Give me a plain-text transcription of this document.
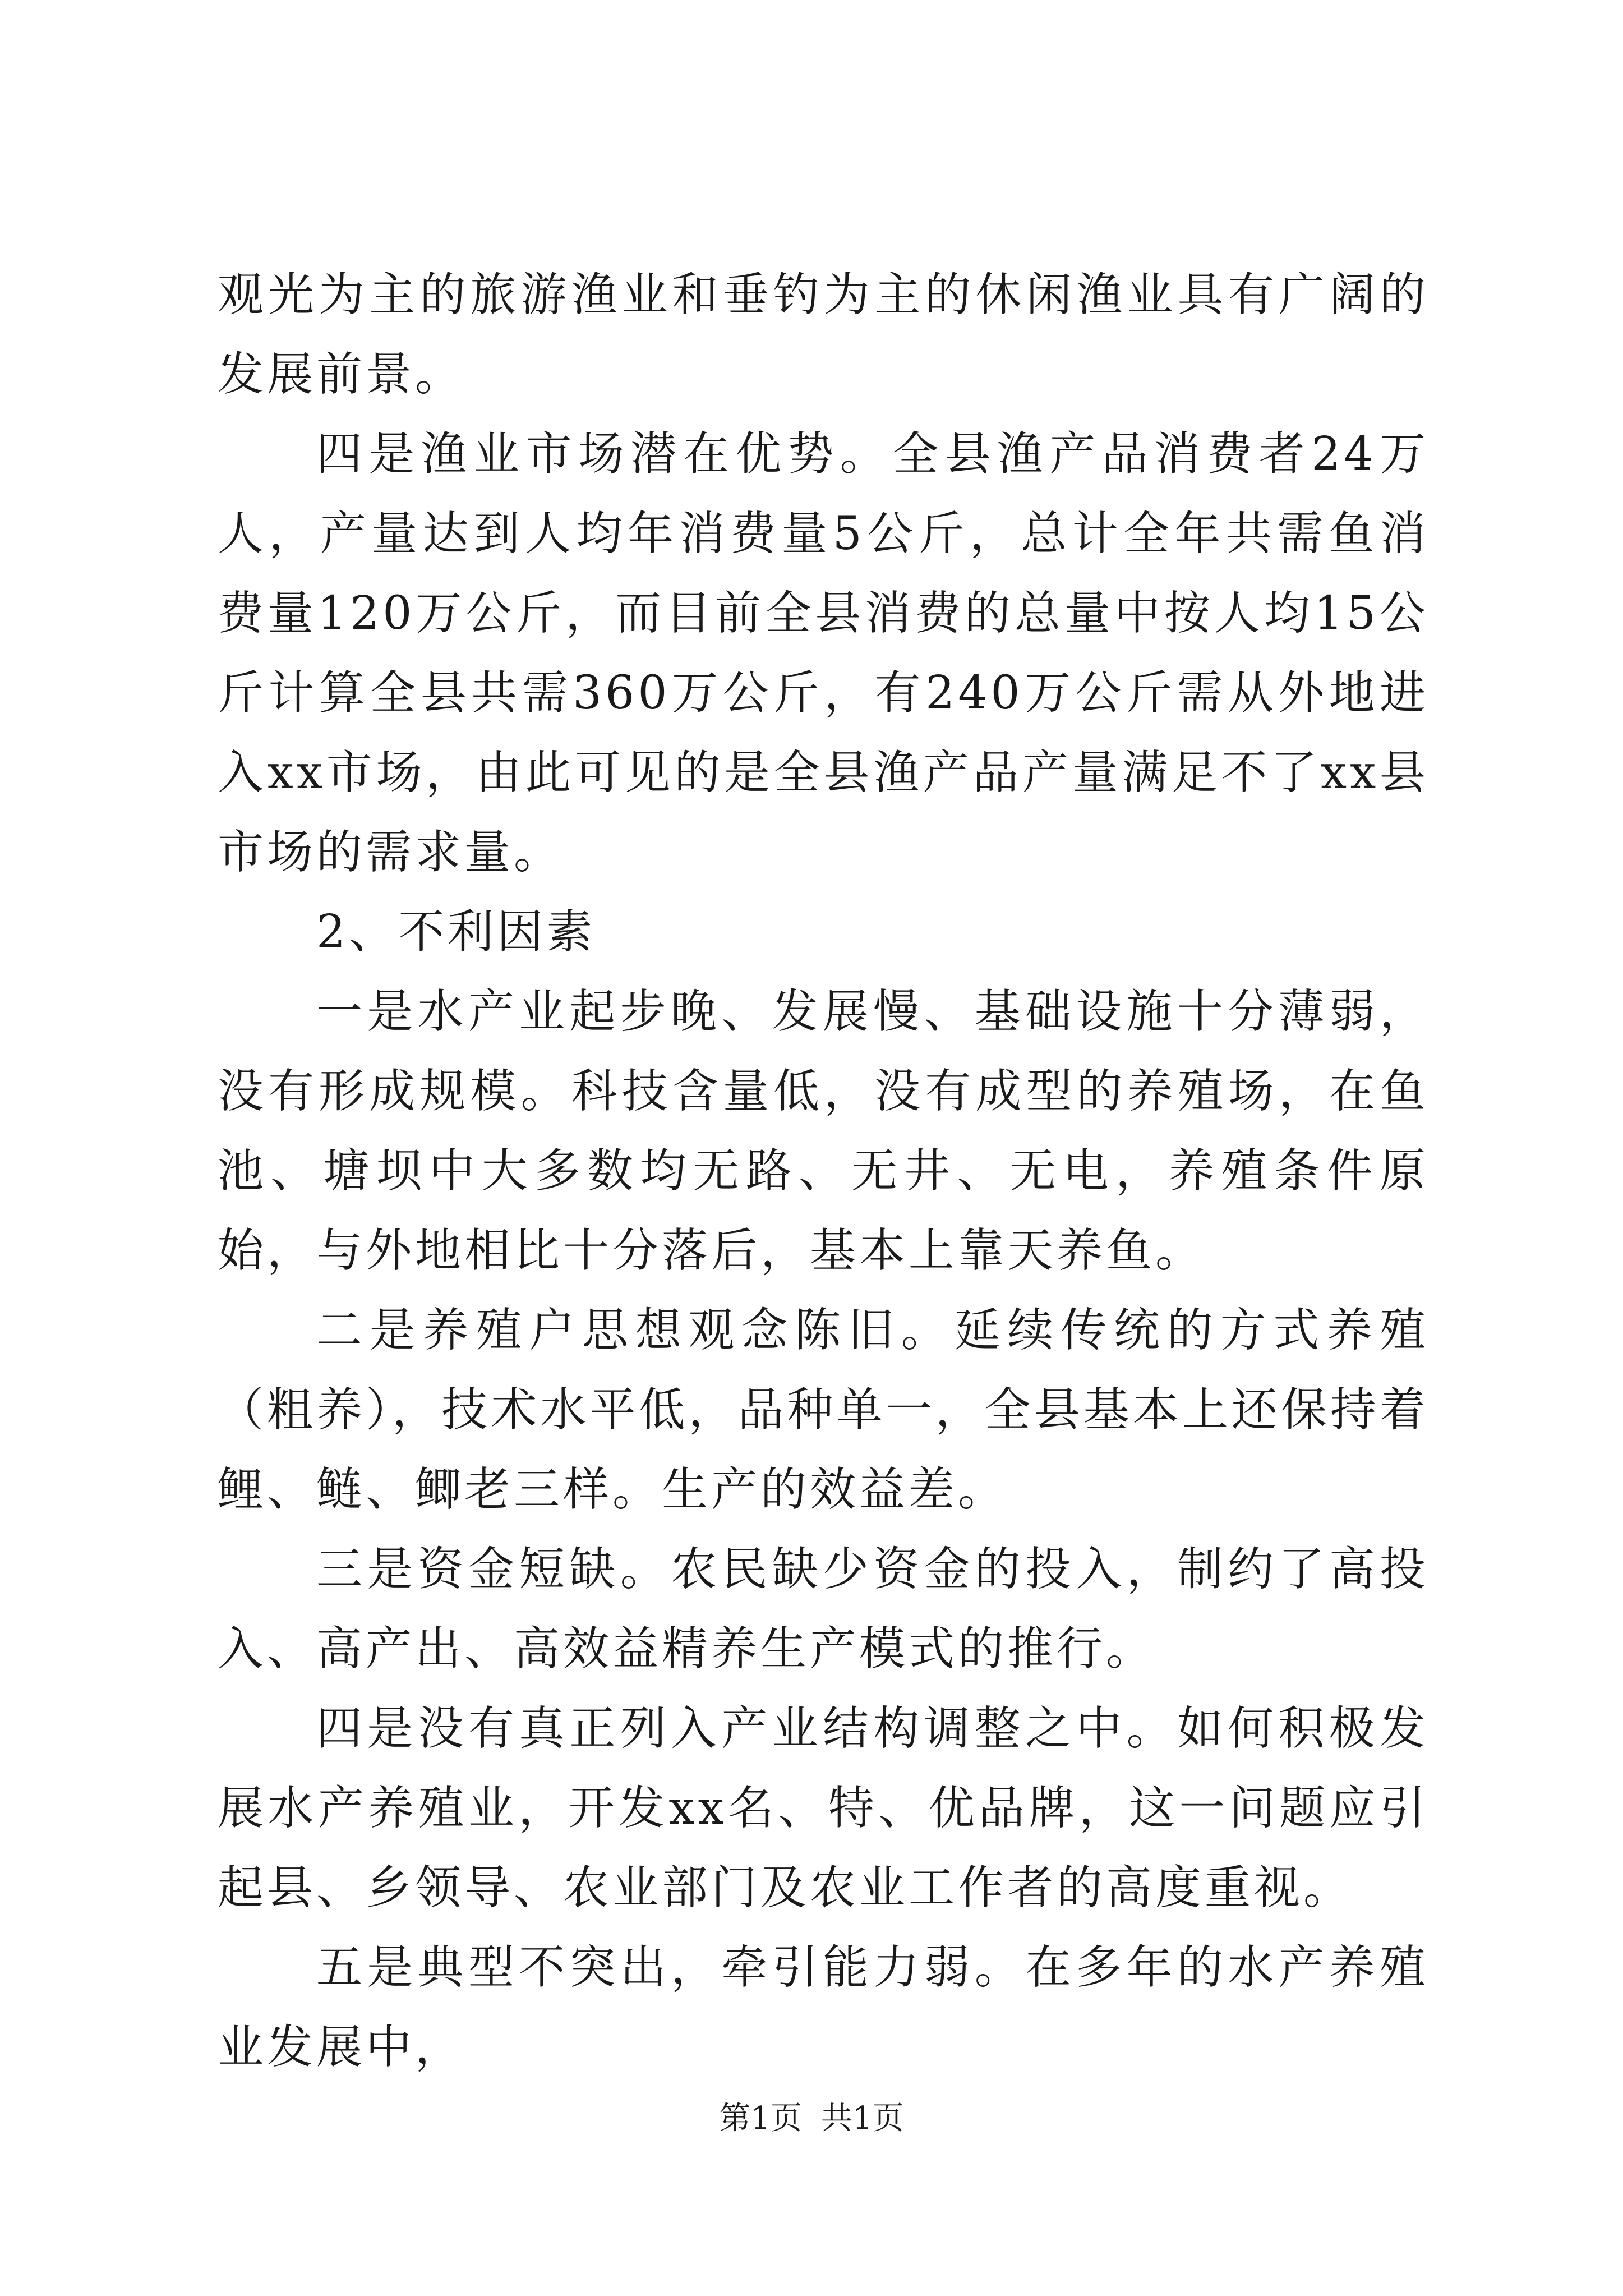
观光为主的旅游渔业和垂钓为主的休闲渔业具有广阔的发展前景。

四是渔业市场潜在优势。全县渔产品消费者24万人，产量达到人均年消费量5公斤，总计全年共需鱼消费量120万公斤，而目前全县消费的总量中按人均15公斤计算全县共需360万公斤，有240万公斤需从外地进入xx市场，由此可见的是全县渔产品产量满足不了xx县市场的需求量。

2、不利因素

一是水产业起步晚、发展慢、基础设施十分薄弱，没有形成规模。科技含量低，没有成型的养殖场，在鱼池、塘坝中大多数均无路、无井、无电，养殖条件原始，与外地相比十分落后，基本上靠天养鱼。

二是养殖户思想观念陈旧。延续传统的方式养殖（粗养），技术水平低，品种单一，全县基本上还保持着鲤、鲢、鲫老三样。生产的效益差。

三是资金短缺。农民缺少资金的投入，制约了高投入、高产出、高效益精养生产模式的推行。

四是没有真正列入产业结构调整之中。如何积极发展水产养殖业，开发xx名、特、优品牌，这一问题应引起县、乡领导、农业部门及农业工作者的高度重视。

五是典型不突出，牵引能力弱。在多年的水产养殖业发展中，

第1页 共1页
